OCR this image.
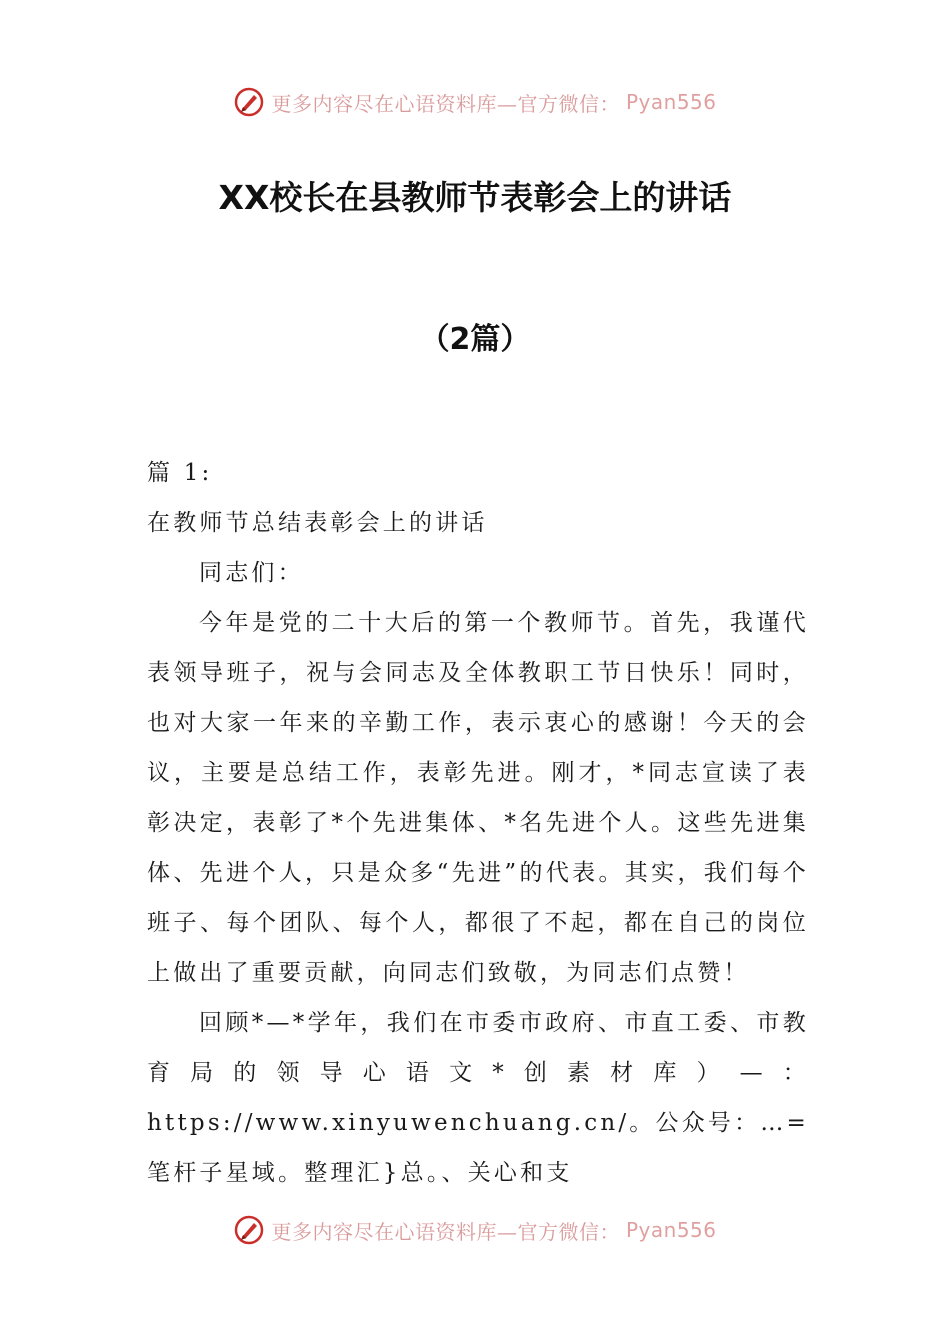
更多内容尽在心语资料库—官方微信： Pyan556
XX校长在县教师节表彰会上的讲话
（2篇）

篇 1:

在教师节总结表彰会上的讲话

同志们：

今年是党的二十大后的第一个教师节。首先，我谨代表领导班子，祝与会同志及全体教职工节日快乐！同时，也对大家一年来的辛勤工作，表示衷心的感谢！今天的会议，主要是总结工作，表彰先进。刚才，*同志宣读了表彰决定，表彰了*个先进集体、*名先进个人。这些先进集体、先进个人，只是众多“先进”的代表。其实，我们每个班子、每个团队、每个人，都很了不起，都在自己的岗位上做出了重要贡献，向同志们致敬，为同志们点赞！

回顾*—*学年，我们在市委市政府、市直工委、市教育局的领导心语文*创素材库）—：https://www.xinyuwenchuang.cn/。公众号：…=笔杆子星域。整理汇}总。、关心和支

更多内容尽在心语资料库—官方微信： Pyan556
